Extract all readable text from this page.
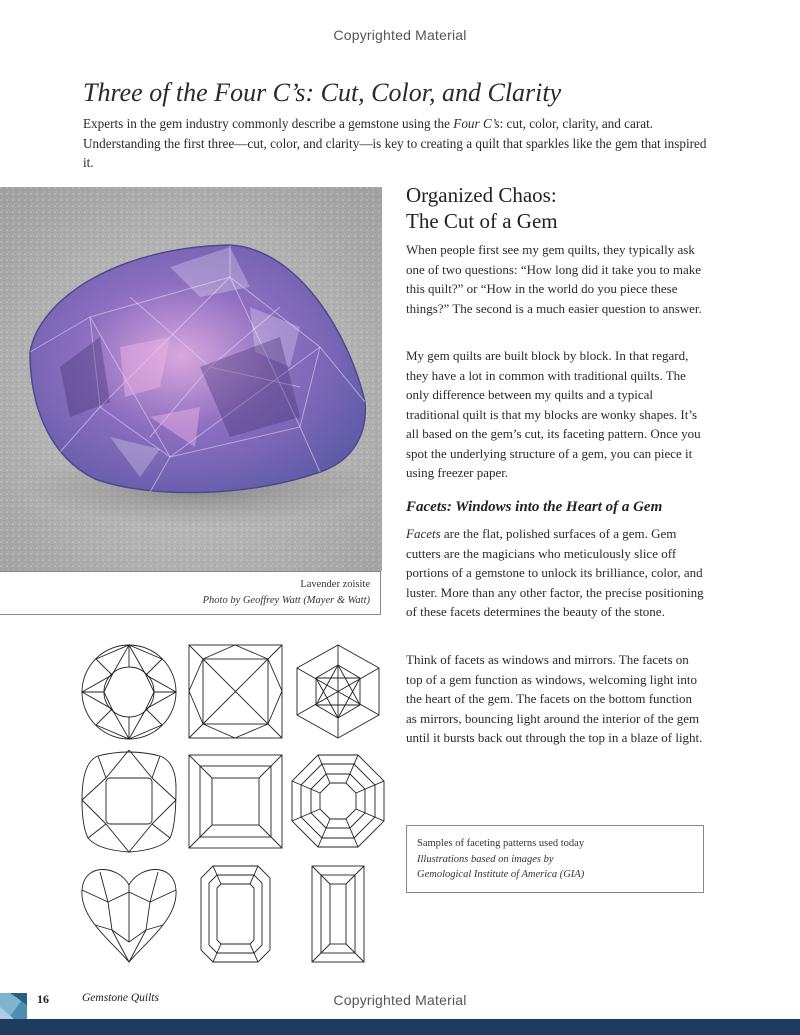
Copyrighted Material
Three of the Four C’s: Cut, Color, and Clarity

Experts in the gem industry commonly describe a gemstone using the Four C’s: cut, color, clarity, and carat. Understanding the first three—cut, color, and clarity—is key to creating a quilt that sparkles like the gem that inspired it.

Lavender zoisite
Photo by Geoffrey Watt (Mayer & Watt)
Organized Chaos:
The Cut of a Gem

When people first see my gem quilts, they typically ask one of two questions: “How long did it take you to make this quilt?” or “How in the world do you piece these things?” The second is a much easier question to answer.

My gem quilts are built block by block. In that regard, they have a lot in common with traditional quilts. The only difference between my quilts and a typical traditional quilt is that my blocks are wonky shapes. It’s all based on the gem’s cut, its faceting pattern. Once you spot the underlying structure of a gem, you can piece it using freezer paper.

Facets: Windows into the Heart of a Gem

Facets are the flat, polished surfaces of a gem. Gem cutters are the magicians who meticulously slice off portions of a gemstone to unlock its brilliance, color, and luster. More than any other factor, the precise positioning of these facets determines the beauty of the stone.

Think of facets as windows and mirrors. The facets on top of a gem function as windows, welcoming light into the heart of the gem. The facets on the bottom function as mirrors, bouncing light around the interior of the gem until it bursts back out through the top in a blaze of light.

Samples of faceting patterns used today
Illustrations based on images by
Gemological Institute of America (GIA)
16	Gemstone Quilts	Copyrighted Material
